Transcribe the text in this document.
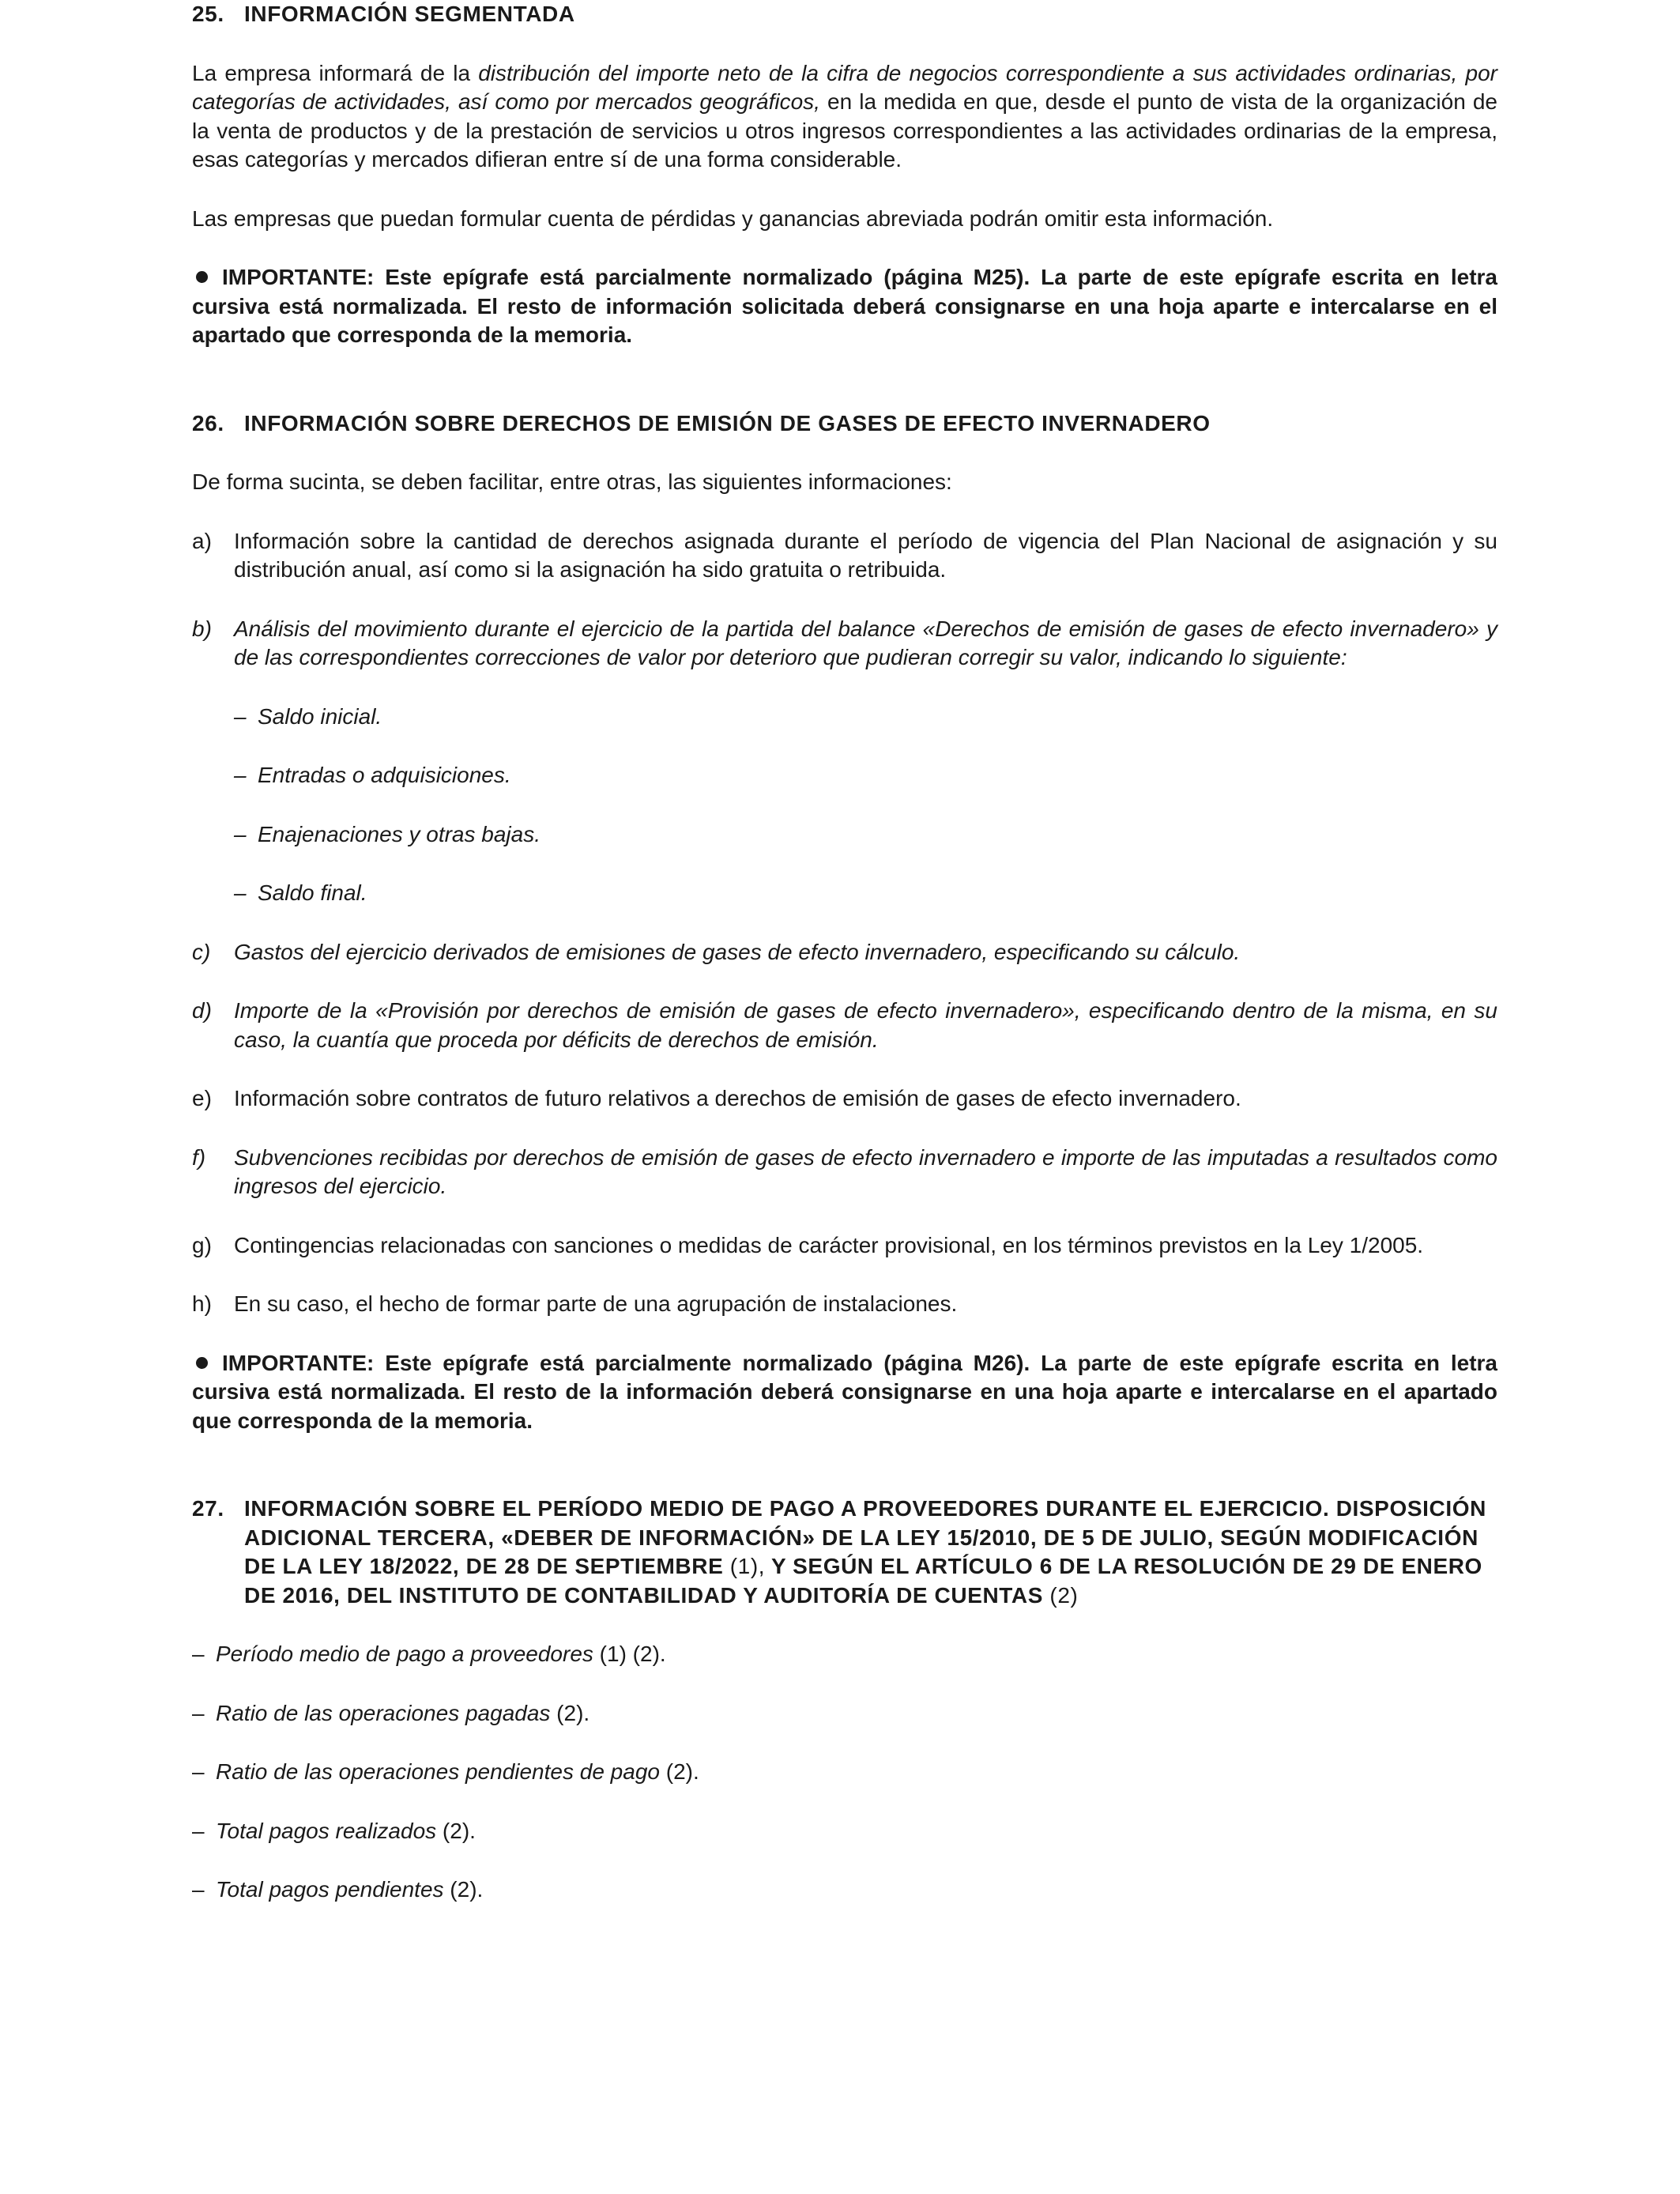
25. INFORMACIÓN SEGMENTADA

La empresa informará de la distribución del importe neto de la cifra de negocios correspondiente a sus actividades ordinarias, por categorías de actividades, así como por mercados geográficos, en la medida en que, desde el punto de vista de la organización de la venta de productos y de la prestación de servicios u otros ingresos correspondientes a las actividades ordinarias de la empresa, esas categorías y mercados difieran entre sí de una forma considerable.

Las empresas que puedan formular cuenta de pérdidas y ganancias abreviada podrán omitir esta información.

IMPORTANTE: Este epígrafe está parcialmente normalizado (página M25). La parte de este epígrafe escrita en letra cursiva está normalizada. El resto de información solicitada deberá consignarse en una hoja aparte e intercalarse en el apartado que corresponda de la memoria.

26. INFORMACIÓN SOBRE DERECHOS DE EMISIÓN DE GASES DE EFECTO INVERNADERO

De forma sucinta, se deben facilitar, entre otras, las siguientes informaciones:

a)	Información sobre la cantidad de derechos asignada durante el período de vigencia del Plan Nacional de asignación y su distribución anual, así como si la asignación ha sido gratuita o retribuida.
b)	Análisis del movimiento durante el ejercicio de la partida del balance «Derechos de emisión de gases de efecto invernadero» y de las correspondientes correcciones de valor por deterioro que pudieran corregir su valor, indicando lo siguiente:
– Saldo inicial.
– Entradas o adquisiciones.
– Enajenaciones y otras bajas.
– Saldo final.
c)	Gastos del ejercicio derivados de emisiones de gases de efecto invernadero, especificando su cálculo.
d)	Importe de la «Provisión por derechos de emisión de gases de efecto invernadero», especificando dentro de la misma, en su caso, la cuantía que proceda por déficits de derechos de emisión.
e)	Información sobre contratos de futuro relativos a derechos de emisión de gases de efecto invernadero.
f)	Subvenciones recibidas por derechos de emisión de gases de efecto invernadero e importe de las imputadas a resultados como ingresos del ejercicio.
g)	Contingencias relacionadas con sanciones o medidas de carácter provisional, en los términos previstos en la Ley 1/2005.
h)	En su caso, el hecho de formar parte de una agrupación de instalaciones.

IMPORTANTE: Este epígrafe está parcialmente normalizado (página M26). La parte de este epígrafe escrita en letra cursiva está normalizada. El resto de la información deberá consignarse en una hoja aparte e intercalarse en el apartado que corresponda de la memoria.

27. INFORMACIÓN SOBRE EL PERÍODO MEDIO DE PAGO A PROVEEDORES DURANTE EL EJERCICIO. DISPOSICIÓN ADICIONAL TERCERA, «DEBER DE INFORMACIÓN» DE LA LEY 15/2010, DE 5 DE JULIO, SEGÚN MODIFICACIÓN DE LA LEY 18/2022, DE 28 DE SEPTIEMBRE (1), Y SEGÚN EL ARTÍCULO 6 DE LA RESOLUCIÓN DE 29 DE ENERO DE 2016, DEL INSTITUTO DE CONTABILIDAD Y AUDITORÍA DE CUENTAS (2)
– Período medio de pago a proveedores (1) (2).
– Ratio de las operaciones pagadas (2).
– Ratio de las operaciones pendientes de pago (2).
– Total pagos realizados (2).
– Total pagos pendientes (2).
